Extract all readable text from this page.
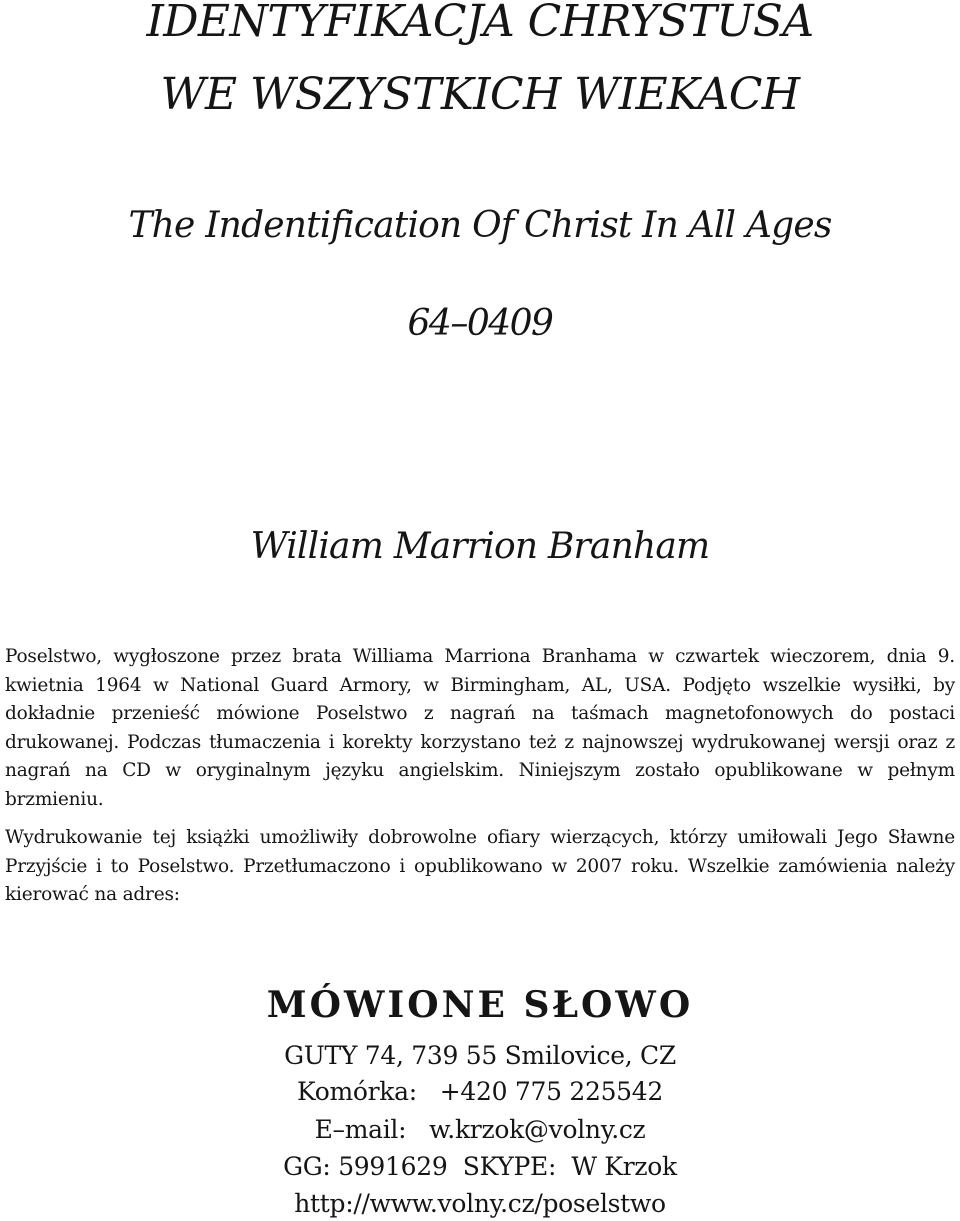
IDENTYFIKACJA CHRYSTUSA
WE WSZYSTKICH WIEKACH
The Indentification Of Christ In All Ages
64–0409
William Marrion Branham
Poselstwo, wygłoszone przez brata Williama Marriona Branhama w czwartek wieczorem, dnia 9. kwietnia 1964 w National Guard Armory, w Birmingham, AL, USA. Podjęto wszelkie wysiłki, by dokładnie przenieść mówione Poselstwo z nagrań na taśmach magnetofonowych do postaci drukowanej. Podczas tłumaczenia i korekty korzystano też z najnowszej wydrukowanej wersji oraz z nagrań na CD w oryginalnym języku angielskim. Niniejszym zostało opublikowane w pełnym brzmieniu.
Wydrukowanie tej książki umożliwiły dobrowolne ofiary wierzących, którzy umiłowali Jego Sławne Przyjście i to Poselstwo. Przetłumaczono i opublikowano w 2007 roku. Wszelkie zamówienia należy kierować na adres:
MÓWIONE SŁOWO
GUTY 74, 739 55 Smilovice, CZ
Komórka:   +420 775 225542
E–mail:   w.krzok@volny.cz
GG: 5991629  SKYPE:  W Krzok
http://www.volny.cz/poselstwo
